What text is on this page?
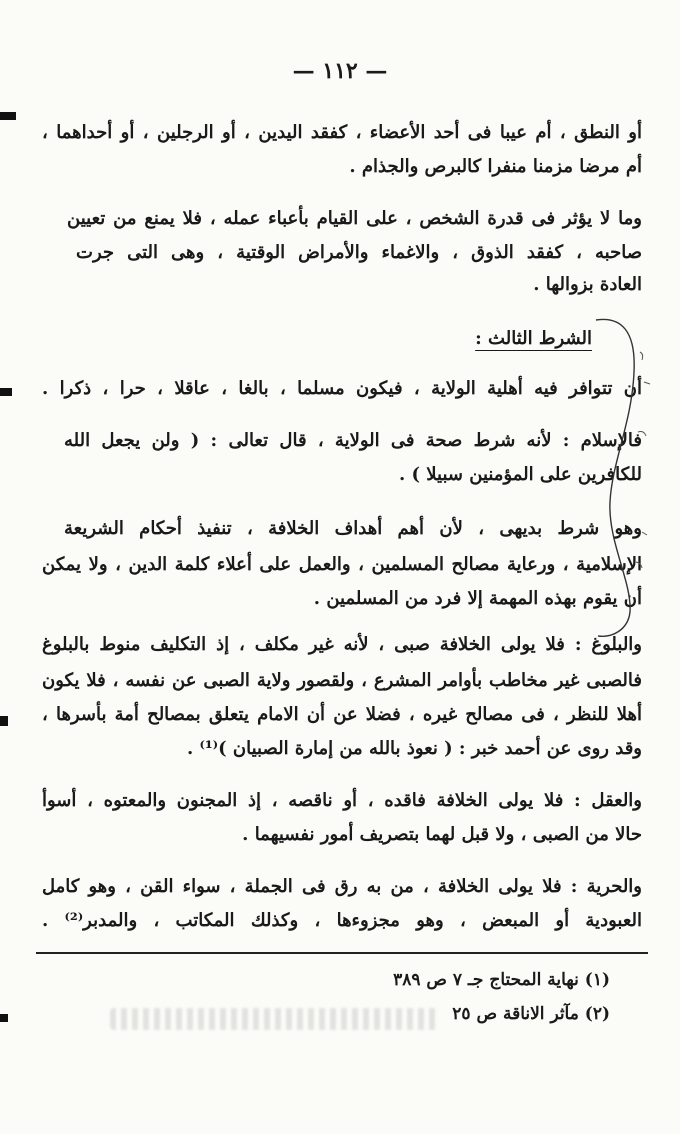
— ١١٢ —
أو النطق ، أم عيبا فى أحد الأعضاء ، كفقد اليدين ، أو الرجلين ، أو أحداهما ،
أم مرضا مزمنا منفرا كالبرص والجذام .
وما لا يؤثر فى قدرة الشخص ، على القيام بأعباء عمله ، فلا يمنع من تعيين
صاحبه ، كفقد الذوق ، والاغماء والأمراض الوقتية ، وهى التى جرت
العادة بزوالها .
الشرط الثالث :
أن تتوافر فيه أهلية الولاية ، فيكون مسلما ، بالغا ، عاقلا ، حرا ، ذكرا .
فالإسلام : لأنه شرط صحة فى الولاية ، قال تعالى : ( ولن يجعل الله
للكافرين على المؤمنين سبيلا ) .
وهو شرط بديهى ، لأن أهم أهداف الخلافة ، تنفيذ أحكام الشريعة
الإسلامية ، ورعاية مصالح المسلمين ، والعمل على أعلاء كلمة الدين ، ولا يمكن
أن يقوم بهذه المهمة إلا فرد من المسلمين .
والبلوغ : فلا يولى الخلافة صبى ، لأنه غير مكلف ، إذ التكليف منوط بالبلوغ
فالصبى غير مخاطب بأوامر المشرع ، ولقصور ولاية الصبى عن نفسه ، فلا يكون
أهلا للنظر ، فى مصالح غيره ، فضلا عن أن الامام يتعلق بمصالح أمة بأسرها ،
وقد روى عن أحمد خبر : ( نعوذ بالله من إمارة الصبيان )⁽¹⁾ .
والعقل : فلا يولى الخلافة فاقده ، أو ناقصه ، إذ المجنون والمعتوه ، أسوأ
حالا من الصبى ، ولا قبل لهما بتصريف أمور نفسيهما .
والحرية : فلا يولى الخلافة ، من به رق فى الجملة ، سواء القن ، وهو كامل
العبودية أو المبعض ، وهو مجزوءها ، وكذلك المكاتب ، والمدبر⁽²⁾ .
(١) نهاية المحتاج جـ ٧ ص ٣٨٩
(٢) مآثر الاناقة ص ٢٥
